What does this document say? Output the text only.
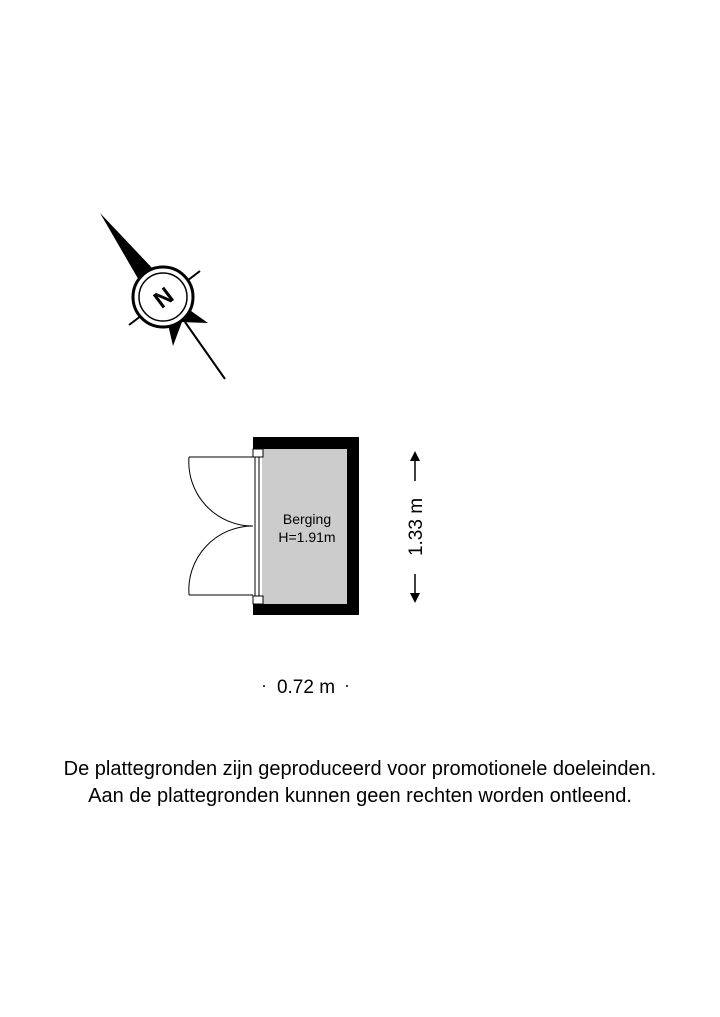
N
Berging
H=1.91m	1.33 m
0.72 m
De plattegronden zijn geproduceerd voor promotionele doeleinden.
Aan de plattegronden kunnen geen rechten worden ontleend.
